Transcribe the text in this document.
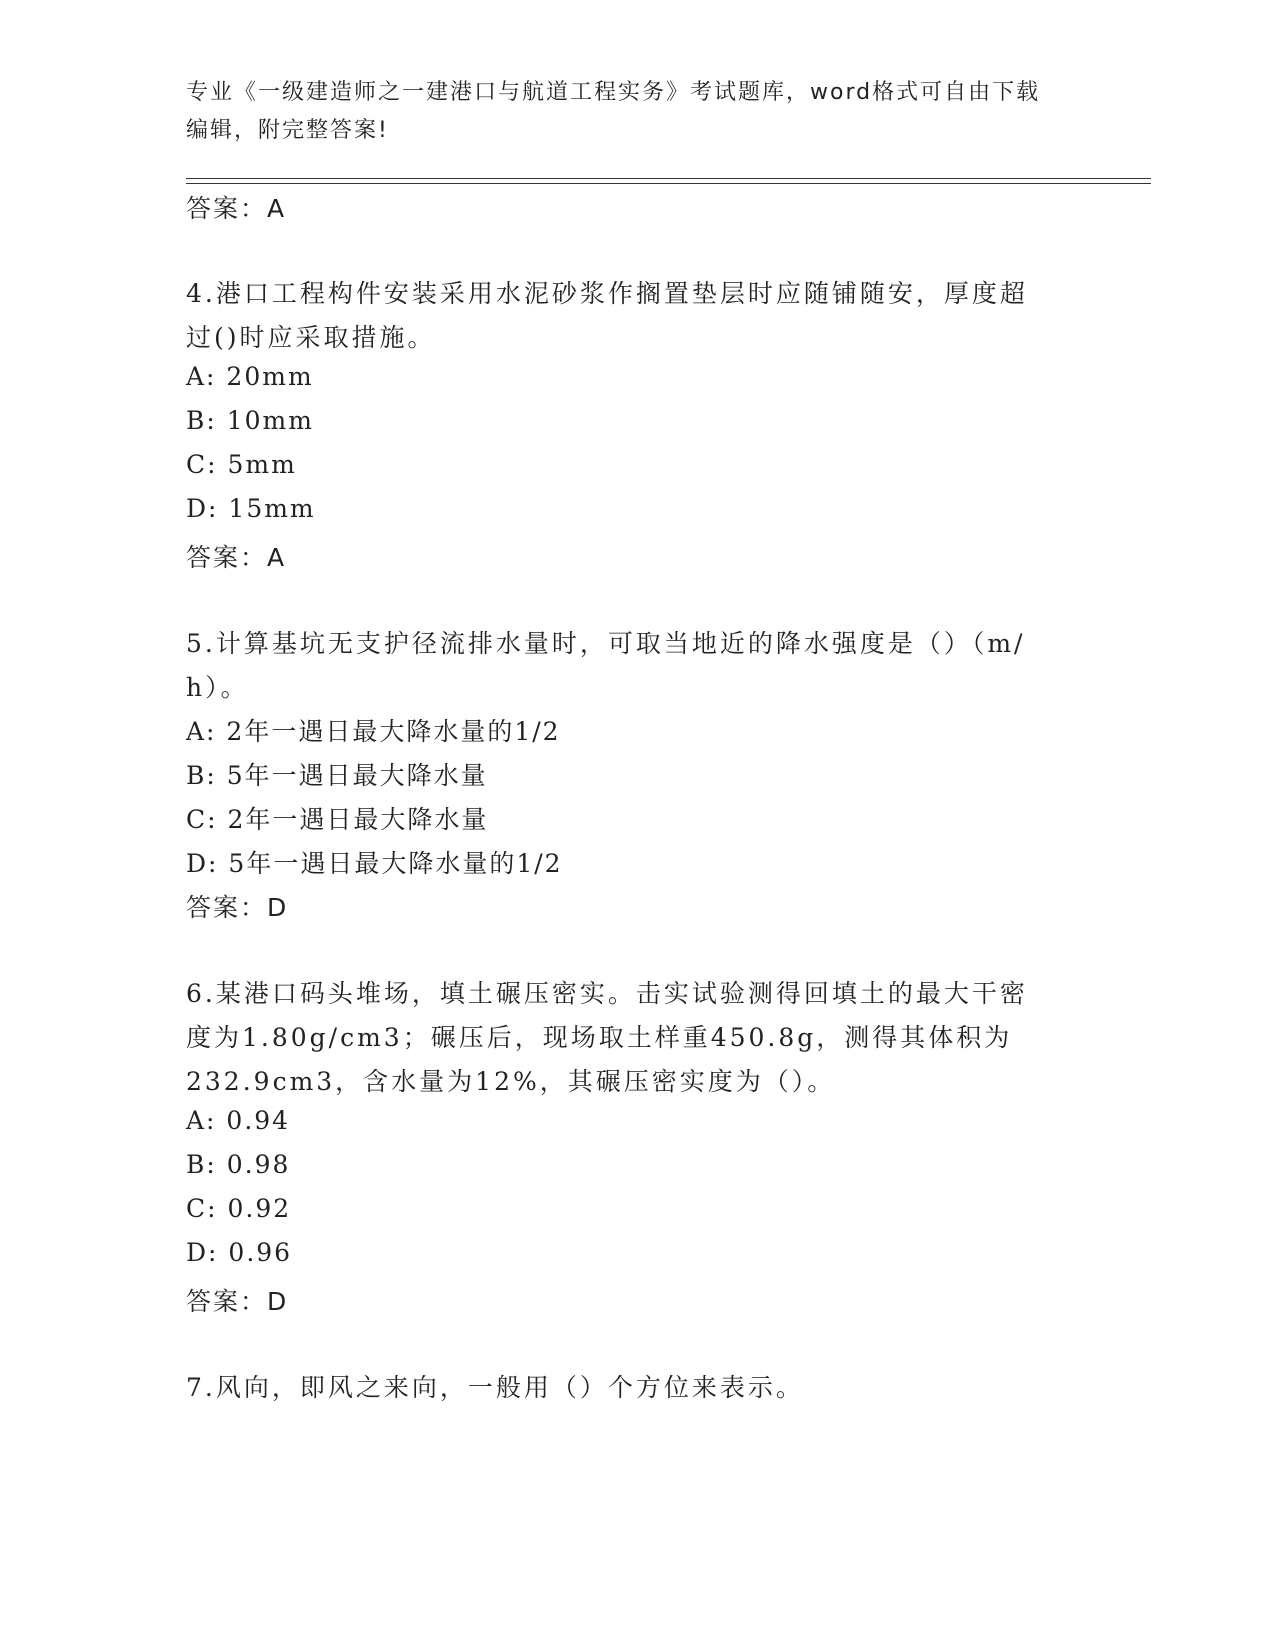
专业《一级建造师之一建港口与航道工程实务》考试题库，word格式可自由下载
编辑，附完整答案!
答案：A
4.港口工程构件安装采用水泥砂浆作搁置垫层时应随铺随安，厚度超
过()时应采取措施。
A: 20mm
B: 10mm
C: 5mm
D: 15mm
答案：A
5.计算基坑无支护径流排水量时，可取当地近的降水强度是（）（m/
h）。
A: 2年一遇日最大降水量的1/2
B: 5年一遇日最大降水量
C: 2年一遇日最大降水量
D: 5年一遇日最大降水量的1/2
答案：D
6.某港口码头堆场，填土碾压密实。击实试验测得回填土的最大干密
度为1.80g/cm3；碾压后，现场取土样重450.8g，测得其体积为
232.9cm3，含水量为12%，其碾压密实度为（）。
A: 0.94
B: 0.98
C: 0.92
D: 0.96
答案：D
7.风向，即风之来向，一般用（）个方位来表示。
